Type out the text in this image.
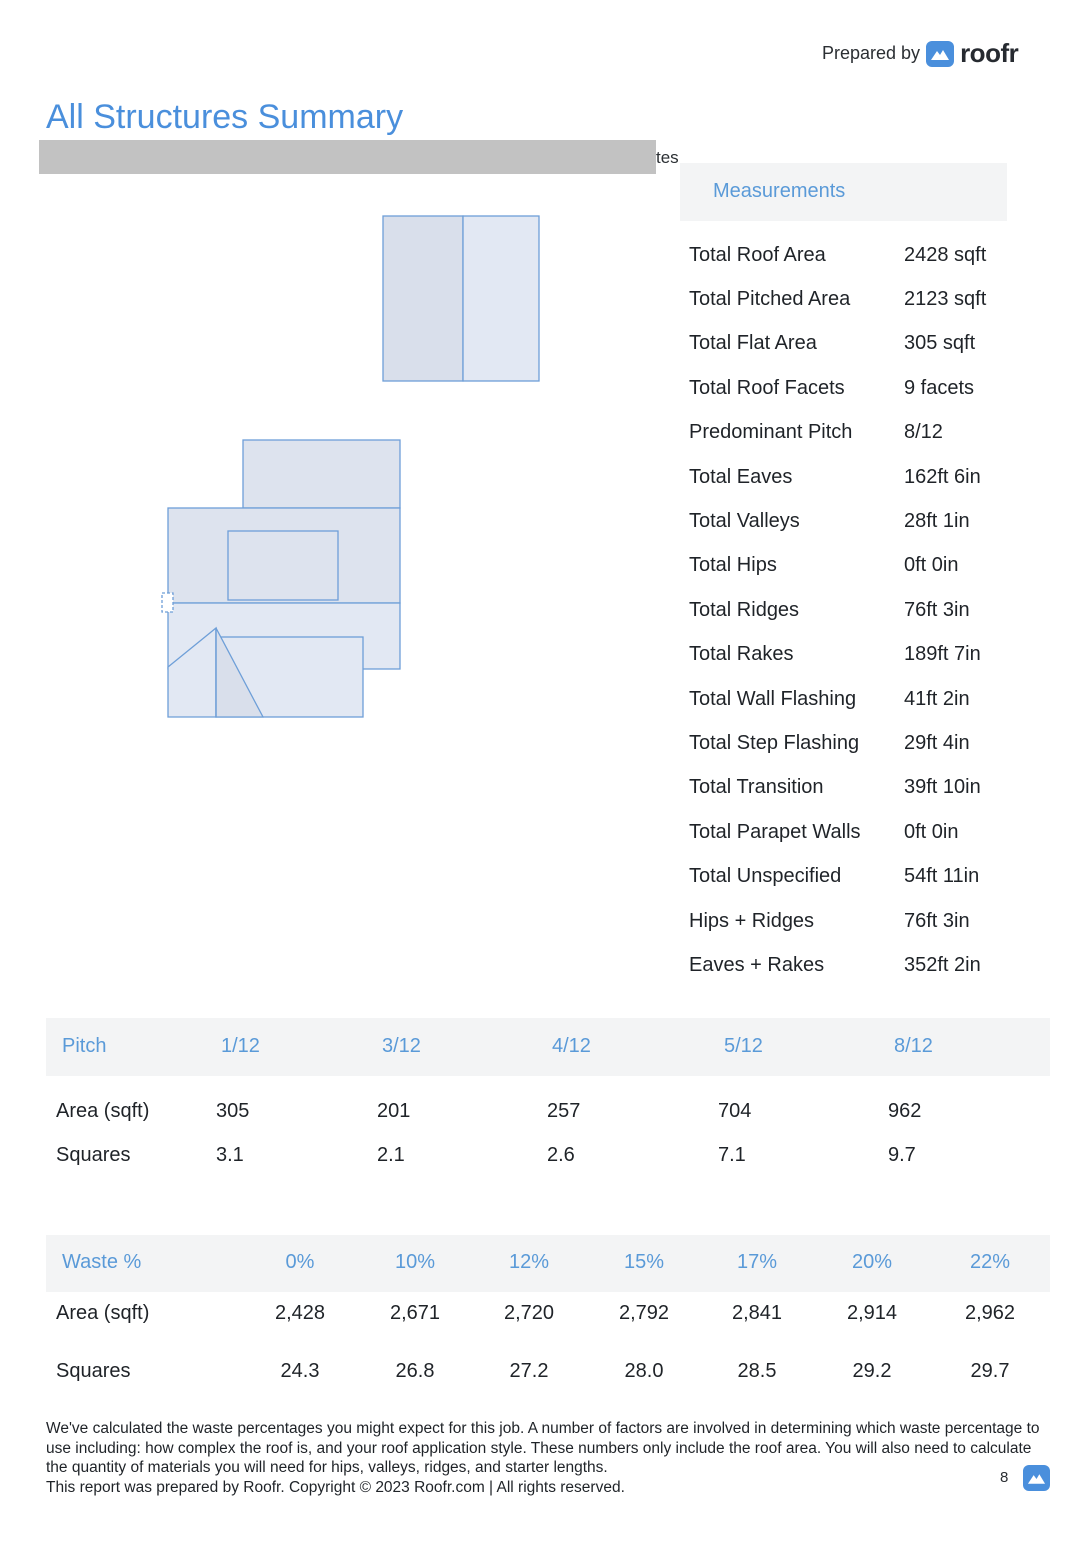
Prepared by roofr
All Structures Summary
tes
Measurements
Total Roof Area	2428 sqft
Total Pitched Area	2123 sqft
Total Flat Area	305 sqft
Total Roof Facets	9 facets
Predominant Pitch	8/12
Total Eaves	162ft 6in
Total Valleys	28ft 1in
Total Hips	0ft 0in
Total Ridges	76ft 3in
Total Rakes	189ft 7in
Total Wall Flashing	41ft 2in
Total Step Flashing	29ft 4in
Total Transition	39ft 10in
Total Parapet Walls	0ft 0in
Total Unspecified	54ft 11in
Hips + Ridges	76ft 3in
Eaves + Rakes	352ft 2in
Pitch	1/12	3/12	4/12	5/12	8/12
Area (sqft)	305	201	257	704	962
Squares	3.1	2.1	2.6	7.1	9.7
Waste %	0%	10%	12%	15%	17%	20%	22%
Area (sqft)	2,428	2,671	2,720	2,792	2,841	2,914	2,962
Squares	24.3	26.8	27.2	28.0	28.5	29.2	29.7
We've calculated the waste percentages you might expect for this job. A number of factors are involved in determining which waste percentage to use including: how complex the roof is, and your roof application style. These numbers only include the roof area. You will also need to calculate the quantity of materials you will need for hips, valleys, ridges, and starter lengths.
This report was prepared by Roofr. Copyright © 2023 Roofr.com | All rights reserved.
8
